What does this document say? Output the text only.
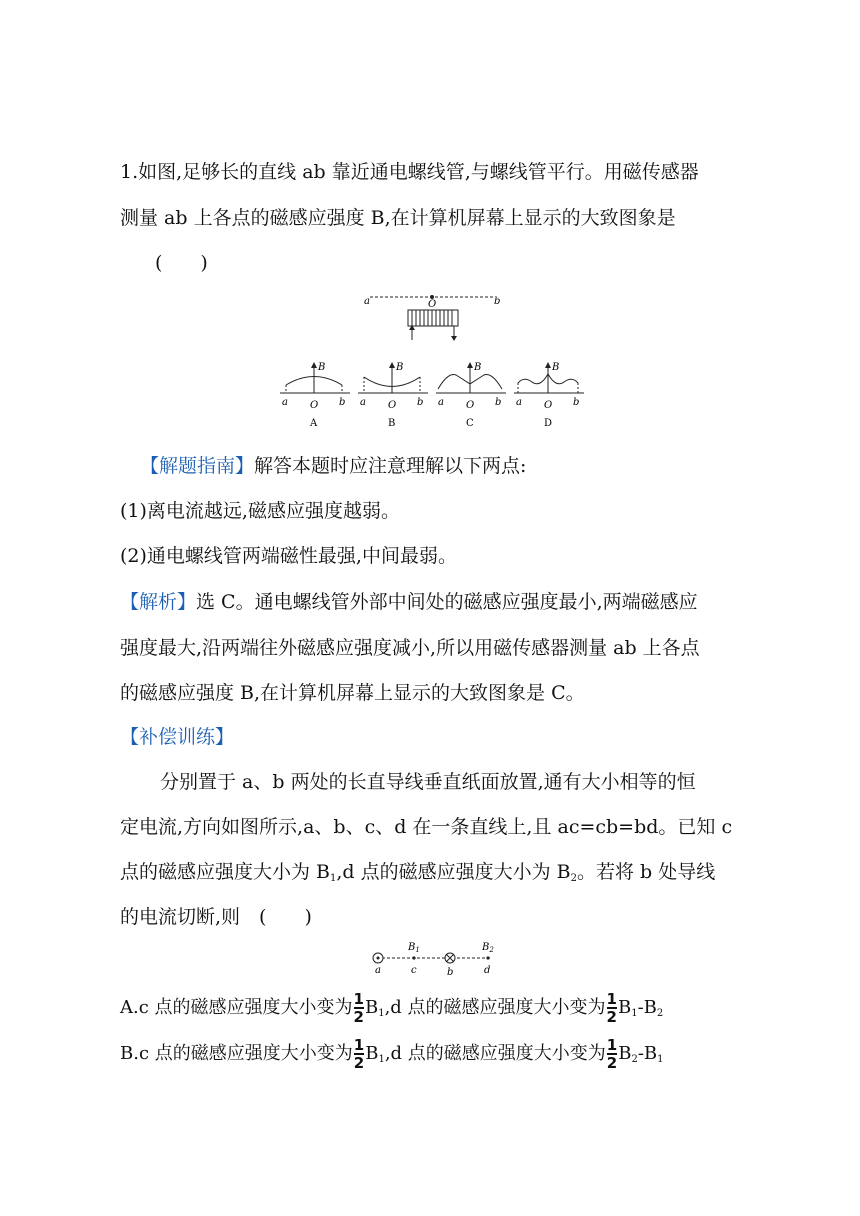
1.如图,足够长的直线 ab 靠近通电螺线管,与螺线管平行。用磁传感器
测量 ab 上各点的磁感应强度 B,在计算机屏幕上显示的大致图象是
(　　)
a	O	b
B
a O b
A
B
a O b
B
B
a O b
C
B
a O b
D
【解题指南】解答本题时应注意理解以下两点:
(1)离电流越远,磁感应强度越弱。
(2)通电螺线管两端磁性最强,中间最弱。
【解析】选 C。通电螺线管外部中间处的磁感应强度最小,两端磁感应
强度最大,沿两端往外磁感应强度减小,所以用磁传感器测量 ab 上各点
的磁感应强度 B,在计算机屏幕上显示的大致图象是 C。
【补偿训练】
分别置于 a、b 两处的长直导线垂直纸面放置,通有大小相等的恒
定电流,方向如图所示,a、b、c、d 在一条直线上,且 ac=cb=bd。已知 c
点的磁感应强度大小为 $B_1,d$ 点的磁感应强度大小为 $B_2$。若将 b 处导线
的电流切断,则　(　　)
$B_1$	$B_2$
a	c	b	d
A.c 点的磁感应强度大小变为 $\frac{1}{2} B_1,d$ 点的磁感应强度大小变为 $\frac{1}{2} B_1-B_2$
B.c 点的磁感应强度大小变为 $\frac{1}{2} B_1,d$ 点的磁感应强度大小变为 $\frac{1}{2} B_2-B_1$
